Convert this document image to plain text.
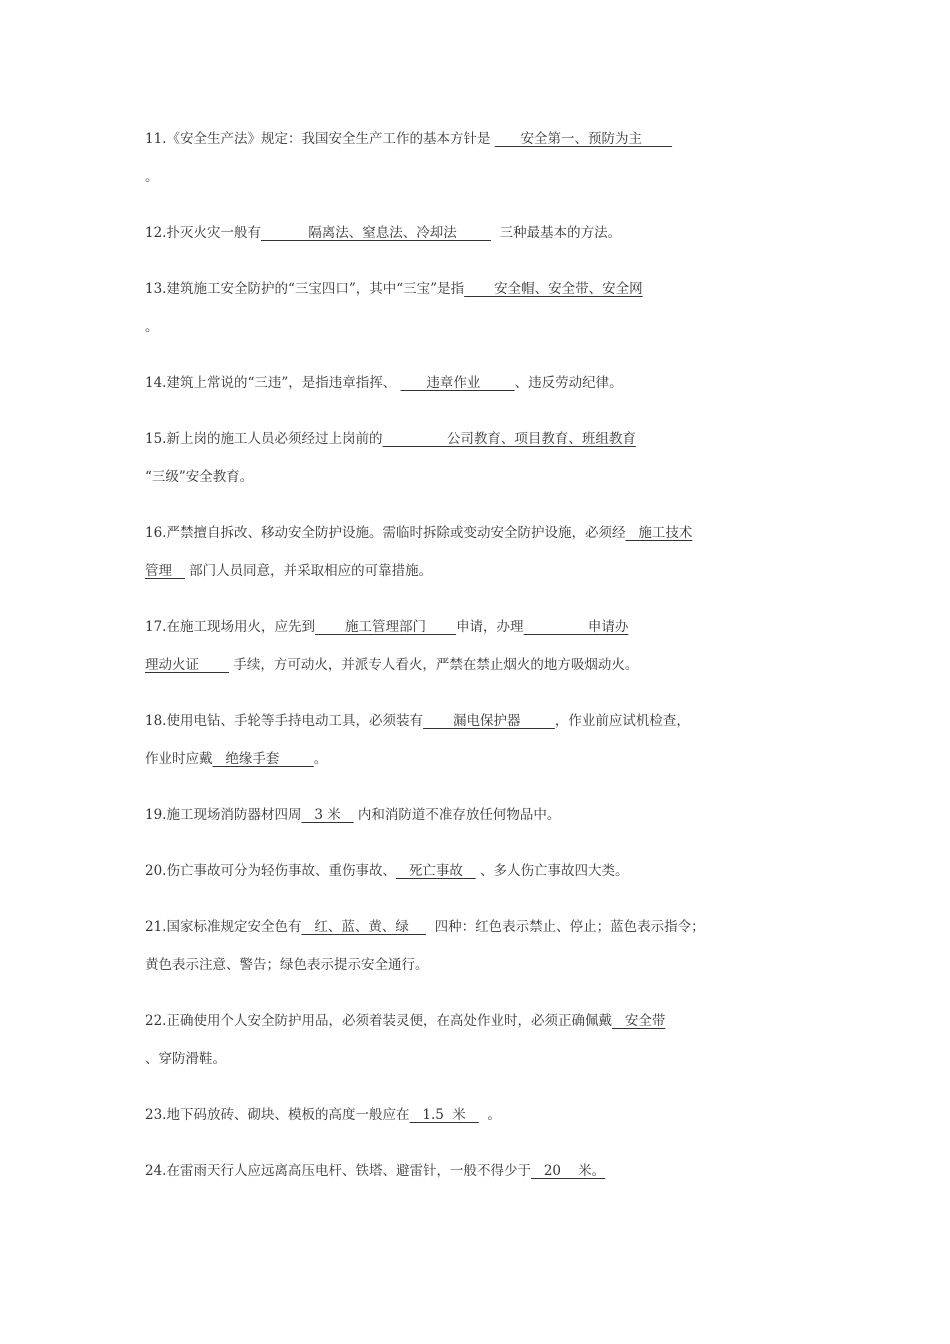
11.《安全生产法》规定：我国安全生产工作的基本方针是       安全第一、预防为主
。
12.扑灭火灾一般有           隔离法、窒息法、冷却法          三种最基本的方法。
13.建筑施工安全防护的“三宝四口”，其中“三宝”是指       安全帽、安全带、安全网
。
14.建筑上常说的“三违”，是指违章指挥、       违章作业        、违反劳动纪律。
15.新上岗的施工人员必须经过上岗前的               公司教育、项目教育、班组教育
“三级”安全教育。
16.严禁擅自拆改、移动安全防护设施。需临时拆除或变动安全防护设施，必须经   施工技术
管理    部门人员同意，并采取相应的可靠措施。
17.在施工现场用火，应先到       施工管理部门       申请，办理               申请办
理动火证        手续，方可动火，并派专人看火，严禁在禁止烟火的地方吸烟动火。
18.使用电钻、手轮等手持电动工具，必须装有       漏电保护器        ，作业前应试机检查，
作业时应戴   绝缘手套        。
19.施工现场消防器材四周   3 米    内和消防道不准存放任何物品中。
20.伤亡事故可分为轻伤事故、重伤事故、   死亡事故    、多人伤亡事故四大类。
21.国家标准规定安全色有   红、蓝、黄、绿      四种：红色表示禁止、停止；蓝色表示指令；
黄色表示注意、警告；绿色表示提示安全通行。
22.正确使用个人安全防护用品，必须着装灵便，在高处作业时，必须正确佩戴   安全带
、穿防滑鞋。
23.地下码放砖、砌块、模板的高度一般应在   1.5  米     。
24.在雷雨天行人应远离高压电杆、铁塔、避雷针，一般不得少于   20    米。
